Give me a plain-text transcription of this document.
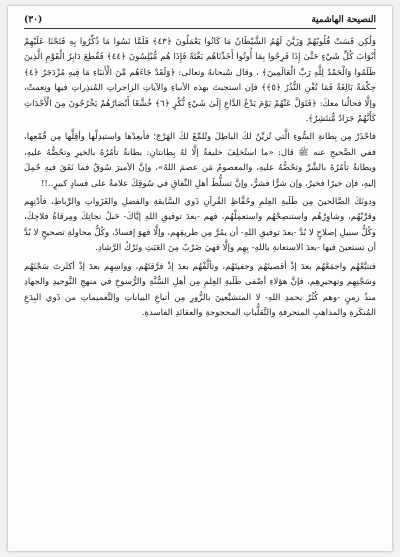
النصيحة الهاشمية
(٣٠)

وَلَٰكِن قَسَتْ قُلُوبُهُمْ وَزَيَّنَ لَهُمُ الشَّيْطَانُ مَا كَانُوا يَعْمَلُونَ ﴿٤٣﴾ فَلَمَّا نَسُوا مَا ذُكِّرُوا بِهِ فَتَحْنَا عَلَيْهِمْ أَبْوَابَ كُلِّ شَيْءٍ حَتَّىٰ إِذَا فَرِحُوا بِمَا أُوتُوا أَخَذْنَاهُم بَغْتَةً فَإِذَا هُم مُّبْلِسُونَ ﴿٤٤﴾ فَقُطِعَ دَابِرُ الْقَوْمِ الَّذِينَ ظَلَمُوا وَالْحَمْدُ لِلَّهِ رَبِّ الْعَالَمِينَ﴾ ، وقال سُبحانهُ وتعالى: ﴿وَلَقَدْ جَاءَهُم مِّنَ الْأَنبَاءِ مَا فِيهِ مُزْدَجَرٌ ﴿٤﴾ حِكْمَةٌ بَالِغَةٌ فَمَا تُغْنِ النُّذُرُ ﴿٥﴾﴾ فإن استجبتَ بهذه الأنباءِ والآياتِ الزاجراتِ المُنذِراتِ فيها ونِعمتْ، وإلَّا فحالُنا معكَ: ﴿فَتَوَلَّ عَنْهُمْ يَوْمَ يَدْعُ الدَّاعِ إِلَىٰ شَيْءٍ نُّكُرٍ ﴿٦﴾ خُشَّعًا أَبْصَارُهُمْ يَخْرُجُونَ مِنَ الْأَجْدَاثِ كَأَنَّهُمْ جَرَادٌ مُّنتَشِرٌ﴾.

فاحْذَرْ مِن بِطانةِ السُّوءِ الَّتي تُزيِّنُ لكَ الباطِلَ وتُلمِّعُ لكَ الهَرْجَ؛ فأبعِدْها واستبدِلْها وأقِلَّها مِن قُمْعِها، ففي الصَّحيحِ عنه ﷺ قال: «ما استُخلِفَ خليفةٌ إلَّا لهُ بِطانتانِ: بطانةٌ تأمُرُهُ بالخيرِ وتحُضُّهُ عليهِ، وبطانةٌ تأمُرُهُ بالشَّرِّ وتحُضُّهُ عليهِ، والمعصومُ مَن عصمَ اللهُ»، وإنَّ الأميرَ سُوقٌ فما نَفَقَ فيهِ حُمِلَ إليهِ، فإن خيرًا فخيرٌ، وإن شرًّا فشرٌّ، وإنَّ تسلُّطَ أهلِ النِّفاقِ في سُوقِكَ علامةٌ على فسادٍ كبيرٍ..!!

ودونَكَ الصَّالحينَ مِن طَلَبةِ العِلمِ وحُفَّاظِ القُرآنِ ذَوي السَّابقةِ والفضلِ والغَزَواتِ والرِّباطِ، فأدْنِهِم وقرِّبْهُم، وشاوِرْهُم واستنصِحْهُم واستعمِلْهُم، فهم -بعدَ توفيقِ اللهِ إيَّاكَ- حَبلُ نجاتِكَ ومِرقاةُ فلاحِكَ، وكُلُّ سبيلِ إصلاحٍ لا بُدَّ -بعدَ توفيقِ اللهِ- أن يمُرَّ مِن طريقِهِم، وإلَّا فهوَ إفسادٌ، وكُلُّ محاولةِ تصحيحٍ لا بُدَّ أن تستعينَ فيها -بعدَ الاستعانةِ باللهِ- بِهِم وإلَّا فهيَ ضَرْبٌ مِنَ العَبَثِ وتَرْكُ الرَّشادِ.

فتتبَّعْهُم واجمَعْهُم بعدَ إذْ أقصيتَهُم وجفيتَهُم، وتألَّفْهُم بعدَ إذْ فرَّقتَهُم، وواسِهِم بعدَ إذْ أكثَرتَ سَجْنَهُم وسَجْنِهِم وتهجيرِهِم، فإنَّ هؤلاءِ أصْفى طَلَبةِ العِلمِ مِن أهلِ السُّنَّةِ والرُّسوخِ في منهجِ التَّوحيدِ والجهادِ منذُ زمنٍ -وهم كُثُرٌ بحمدِ اللهِ- لا المتشبِّعينَ بالزُّورِ مِن أتباعِ البياناتِ والتَّعميماتِ من ذَوي البِدَعِ المُنكَرةِ والمذاهبِ المنحرفةِ والتَّقلُّباتِ المحجوجةِ والعقائدِ الفاسدةِ.
